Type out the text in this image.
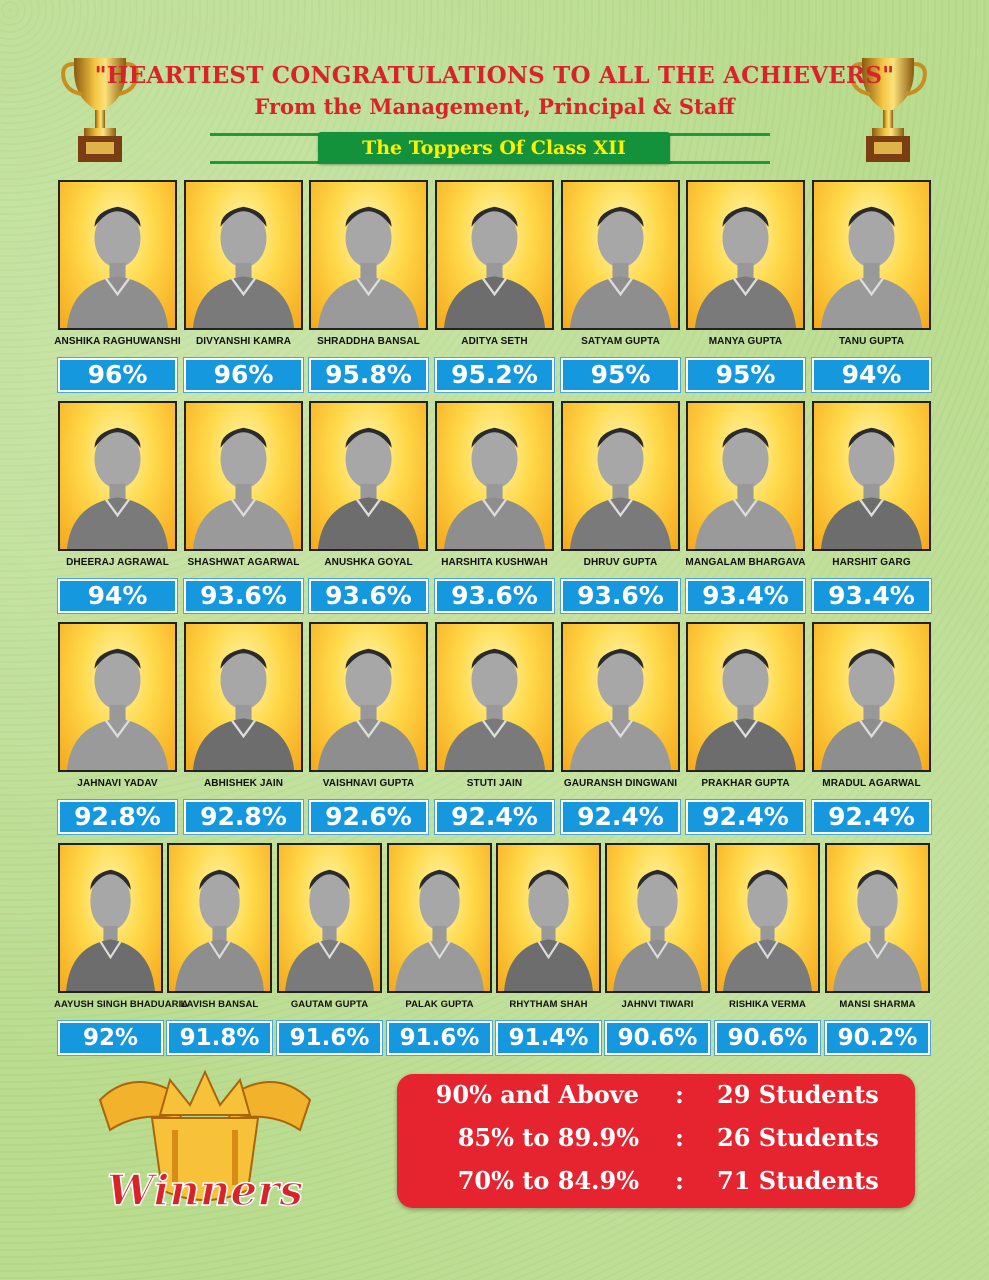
"HEARTIEST CONGRATULATIONS TO ALL THE ACHIEVERS"
From the Management, Principal & Staff
The Toppers Of Class XII
ANSHIKA RAGHUWANSHI
96%
DIVYANSHI KAMRA
96%
SHRADDHA BANSAL
95.8%
ADITYA SETH
95.2%
SATYAM GUPTA
95%
MANYA GUPTA
95%
TANU GUPTA
94%
DHEERAJ AGRAWAL
94%
SHASHWAT AGARWAL
93.6%
ANUSHKA GOYAL
93.6%
HARSHITA KUSHWAH
93.6%
DHRUV GUPTA
93.6%
MANGALAM BHARGAVA
93.4%
HARSHIT GARG
93.4%
JAHNAVI YADAV
92.8%
ABHISHEK JAIN
92.8%
VAISHNAVI GUPTA
92.6%
STUTI JAIN
92.4%
GAURANSH DINGWANI
92.4%
PRAKHAR GUPTA
92.4%
MRADUL AGARWAL
92.4%
AAYUSH SINGH BHADUARIA
92%
LAVISH BANSAL
91.8%
GAUTAM GUPTA
91.6%
PALAK GUPTA
91.6%
RHYTHAM SHAH
91.4%
JAHNVI TIWARI
90.6%
RISHIKA VERMA
90.6%
MANSI SHARMA
90.2%
Winners
90% and Above : 29 Students
85% to 89.9% : 26 Students
70% to 84.9% : 71 Students
